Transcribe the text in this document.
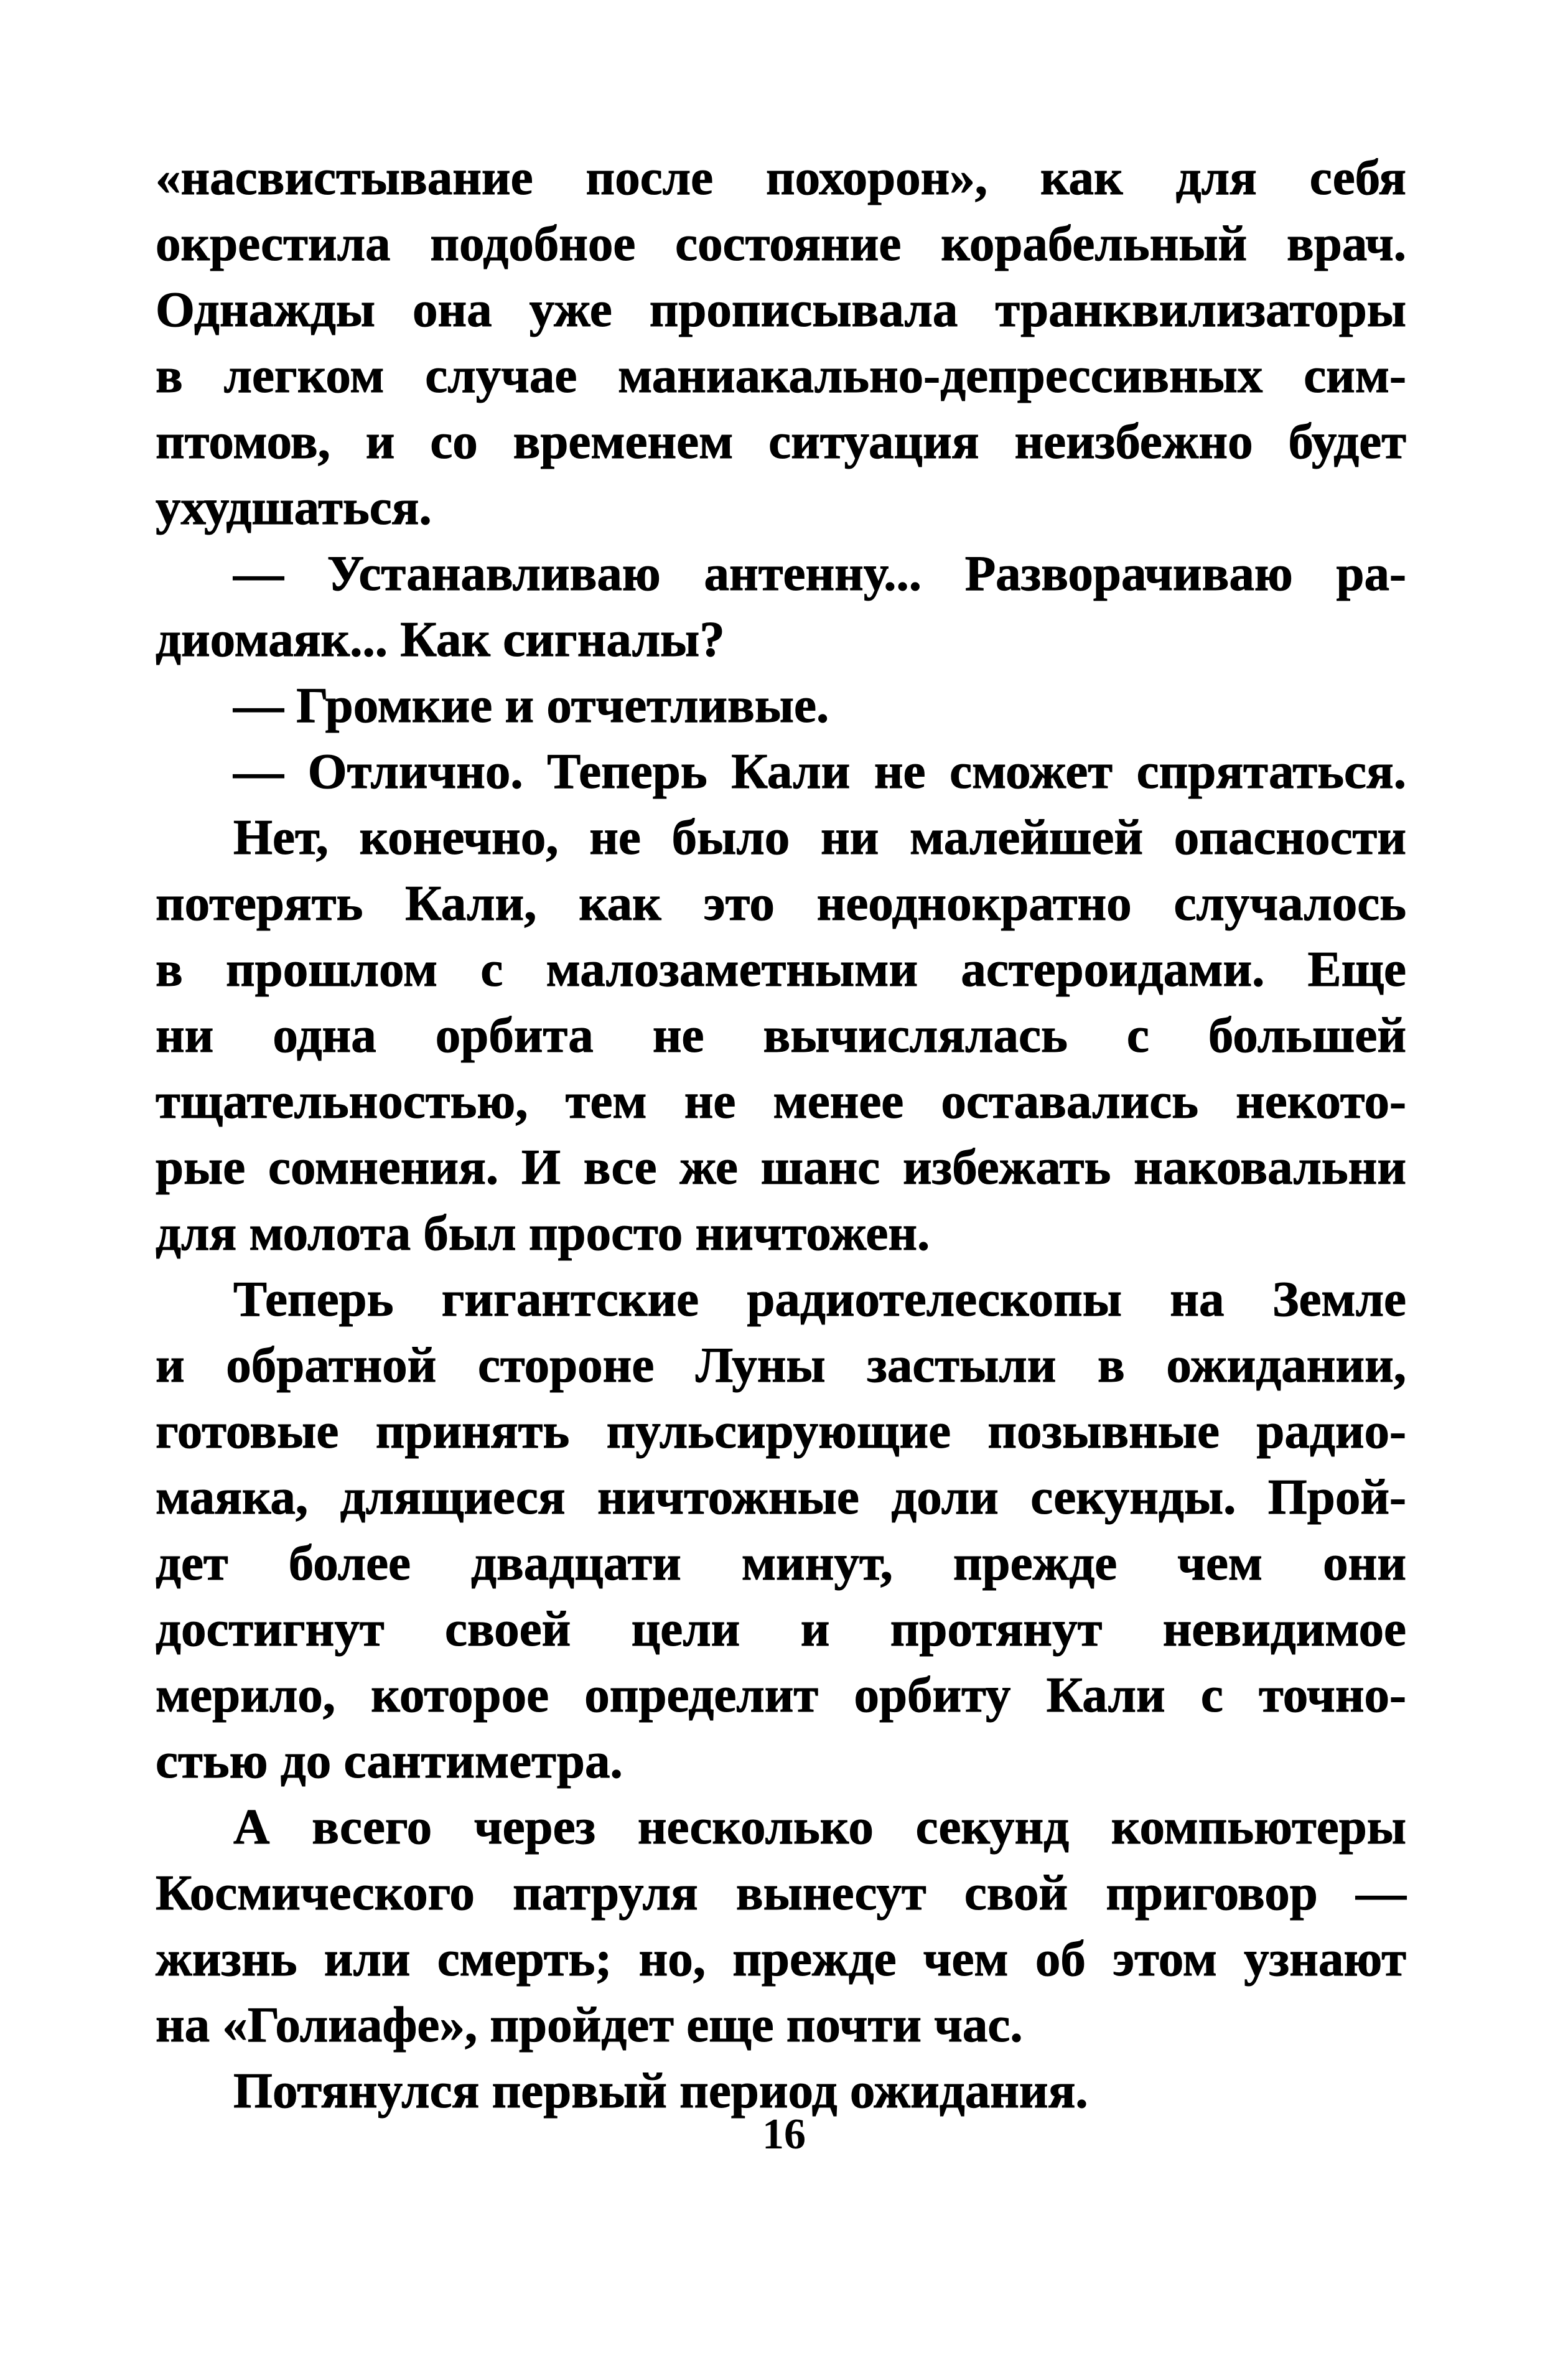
«насвистывание после похорон», как для себя
окрестила подобное состояние корабельный врач.
Однажды она уже прописывала транквилизаторы
в легком случае маниакально-депрессивных сим-
птомов, и со временем ситуация неизбежно будет
ухудшаться.

— Устанавливаю антенну... Разворачиваю ра-
диомаяк... Как сигналы?

— Громкие и отчетливые.

— Отлично. Теперь Кали не сможет спрятаться.

Нет, конечно, не было ни малейшей опасности
потерять Кали, как это неоднократно случалось
в прошлом с малозаметными астероидами. Еще
ни одна орбита не вычислялась с большей
тщательностью, тем не менее оставались некото-
рые сомнения. И все же шанс избежать наковальни
для молота был просто ничтожен.

Теперь гигантские радиотелескопы на Земле
и обратной стороне Луны застыли в ожидании,
готовые принять пульсирующие позывные радио-
маяка, длящиеся ничтожные доли секунды. Прой-
дет более двадцати минут, прежде чем они
достигнут своей цели и протянут невидимое
мерило, которое определит орбиту Кали с точно-
стью до сантиметра.

А всего через несколько секунд компьютеры
Космического патруля вынесут свой приговор —
жизнь или смерть; но, прежде чем об этом узнают
на «Голиафе», пройдет еще почти час.

Потянулся первый период ожидания.

16
